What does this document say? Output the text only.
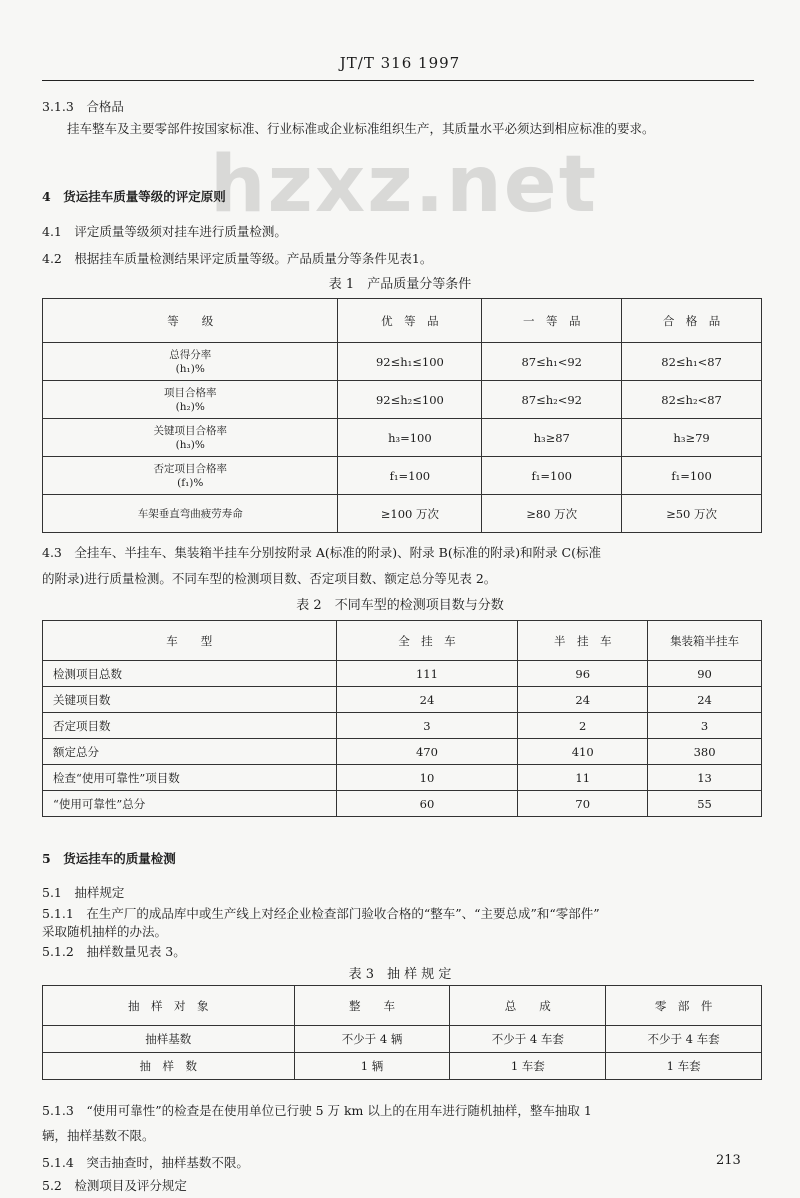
JT/T 316 1997
hzxz.net
3.1.3　 合格品
挂车整车及主要零部件按国家标准、行业标准或企业标准组织生产，其质量水平必须达到相应标准的要求。
4　 货运挂车质量等级的评定原则
4.1　 评定质量等级须对挂车进行质量检测。
4.2　 根据挂车质量检测结果评定质量等级。产品质量分等条件见表1。
表 1　产品质量分等条件
等　　级	优　等　品	一　等　品	合　格　品

总得分率
(h₁)%	92≤h₁≤100	87≤h₁<92	82≤h₁<87

项目合格率
(h₂)%	92≤h₂≤100	87≤h₂<92	82≤h₂<87

关键项目合格率
(h₃)%	h₃=100	h₃≥87	h₃≥79

否定项目合格率
(f₁)%	f₁=100	f₁=100	f₁=100

车架垂直弯曲疲劳寿命	≥100 万次	≥80 万次	≥50 万次
4.3　 全挂车、半挂车、集装箱半挂车分别按附录 A(标准的附录)、附录 B(标准的附录)和附录 C(标准
的附录)进行质量检测。不同车型的检测项目数、否定项目数、额定总分等见表 2。
表 2　不同车型的检测项目数与分数
车　　型	全　挂　车	半　挂　车	集装箱半挂车
检测项目总数	111	96	90
关键项目数	24	24	24
否定项目数	3	2	3
额定总分	470	410	380
检查“使用可靠性”项目数	10	11	13
“使用可靠性”总分	60	70	55
5　 货运挂车的质量检测
5.1　 抽样规定
5.1.1　 在生产厂的成品库中或生产线上对经企业检查部门验收合格的“整车”、“主要总成”和“零部件”
采取随机抽样的办法。
5.1.2　 抽样数量见表 3。
表 3　抽 样 规 定
抽　样　对　象	整　　车	总　　成	零　部　件
抽样基数	不少于 4 辆	不少于 4 车套	不少于 4 车套
抽　样　数	1 辆	1 车套	1 车套
5.1.3　 “使用可靠性”的检查是在使用单位已行驶 5 万 km 以上的在用车进行随机抽样，整车抽取 1
辆，抽样基数不限。
5.1.4　 突击抽查时，抽样基数不限。	213
5.2　 检测项目及评分规定
